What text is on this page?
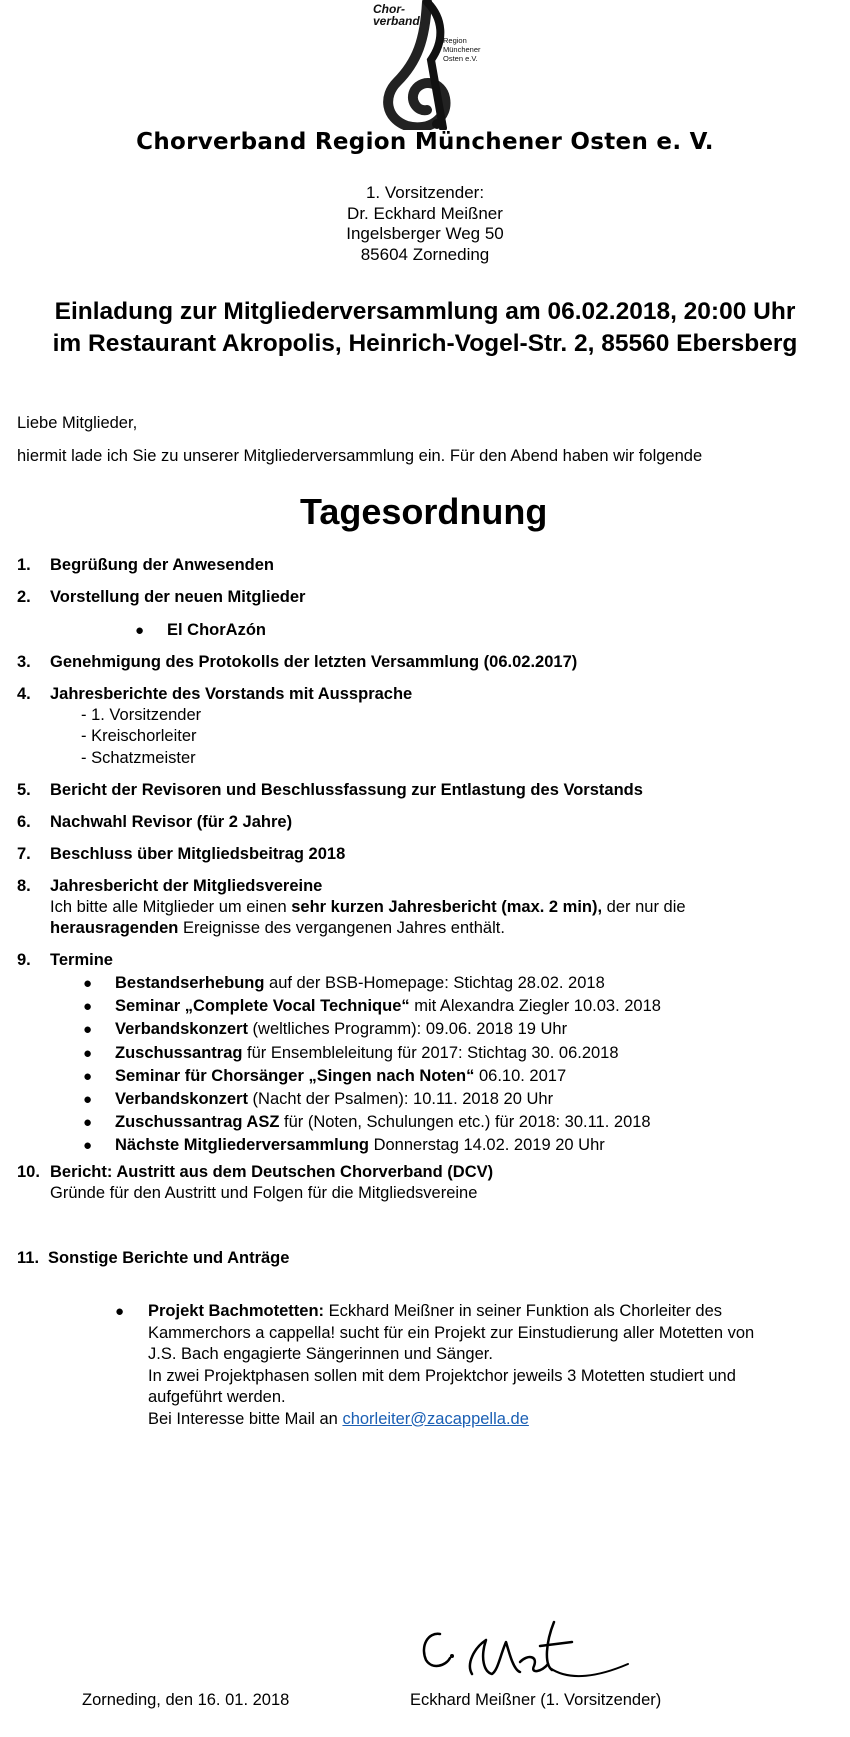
Chor-
verband
Region
Münchener
Osten e.V.
Chorverband Region Münchener Osten e. V.
1. Vorsitzender:
Dr. Eckhard Meißner
Ingelsberger Weg 50
85604 Zorneding
Einladung zur Mitgliederversammlung am 06.02.2018, 20:00 Uhr
im Restaurant Akropolis, Heinrich-Vogel-Str. 2, 85560 Ebersberg
Liebe Mitglieder,
hiermit lade ich Sie zu unserer Mitgliederversammlung ein. Für den Abend haben wir folgende
Tagesordnung
1. Begrüßung der Anwesenden
2. Vorstellung der neuen Mitglieder
● El ChorAzón
3. Genehmigung des Protokolls der letzten Versammlung (06.02.2017)
4. Jahresberichte des Vorstands mit Aussprache
- 1. Vorsitzender
- Kreischorleiter
- Schatzmeister
5. Bericht der Revisoren und Beschlussfassung zur Entlastung des Vorstands
6. Nachwahl Revisor (für 2 Jahre)
7. Beschluss über Mitgliedsbeitrag 2018
8. Jahresbericht der Mitgliedsvereine
Ich bitte alle Mitglieder um einen sehr kurzen Jahresbericht (max. 2 min), der nur die
herausragenden Ereignisse des vergangenen Jahres enthält.
9. Termine
● Bestandserhebung auf der BSB-Homepage: Stichtag 28.02. 2018
● Seminar „Complete Vocal Technique“ mit Alexandra Ziegler 10.03. 2018
● Verbandskonzert (weltliches Programm): 09.06. 2018 19 Uhr
● Zuschussantrag für Ensembleleitung für 2017: Stichtag 30. 06.2018
● Seminar für Chorsänger „Singen nach Noten“ 06.10. 2017
● Verbandskonzert (Nacht der Psalmen): 10.11. 2018 20 Uhr
● Zuschussantrag ASZ für (Noten, Schulungen etc.) für 2018: 30.11. 2018
● Nächste Mitgliederversammlung Donnerstag 14.02. 2019 20 Uhr
10. Bericht: Austritt aus dem Deutschen Chorverband (DCV)
Gründe für den Austritt und Folgen für die Mitgliedsvereine
11. Sonstige Berichte und Anträge
● Projekt Bachmotetten: Eckhard Meißner in seiner Funktion als Chorleiter des
Kammerchors a cappella! sucht für ein Projekt zur Einstudierung aller Motetten von
J.S. Bach engagierte Sängerinnen und Sänger.
In zwei Projektphasen sollen mit dem Projektchor jeweils 3 Motetten studiert und
aufgeführt werden.
Bei Interesse bitte Mail an chorleiter@zacappella.de
Zorneding, den 16. 01. 2018	Eckhard Meißner (1. Vorsitzender)
